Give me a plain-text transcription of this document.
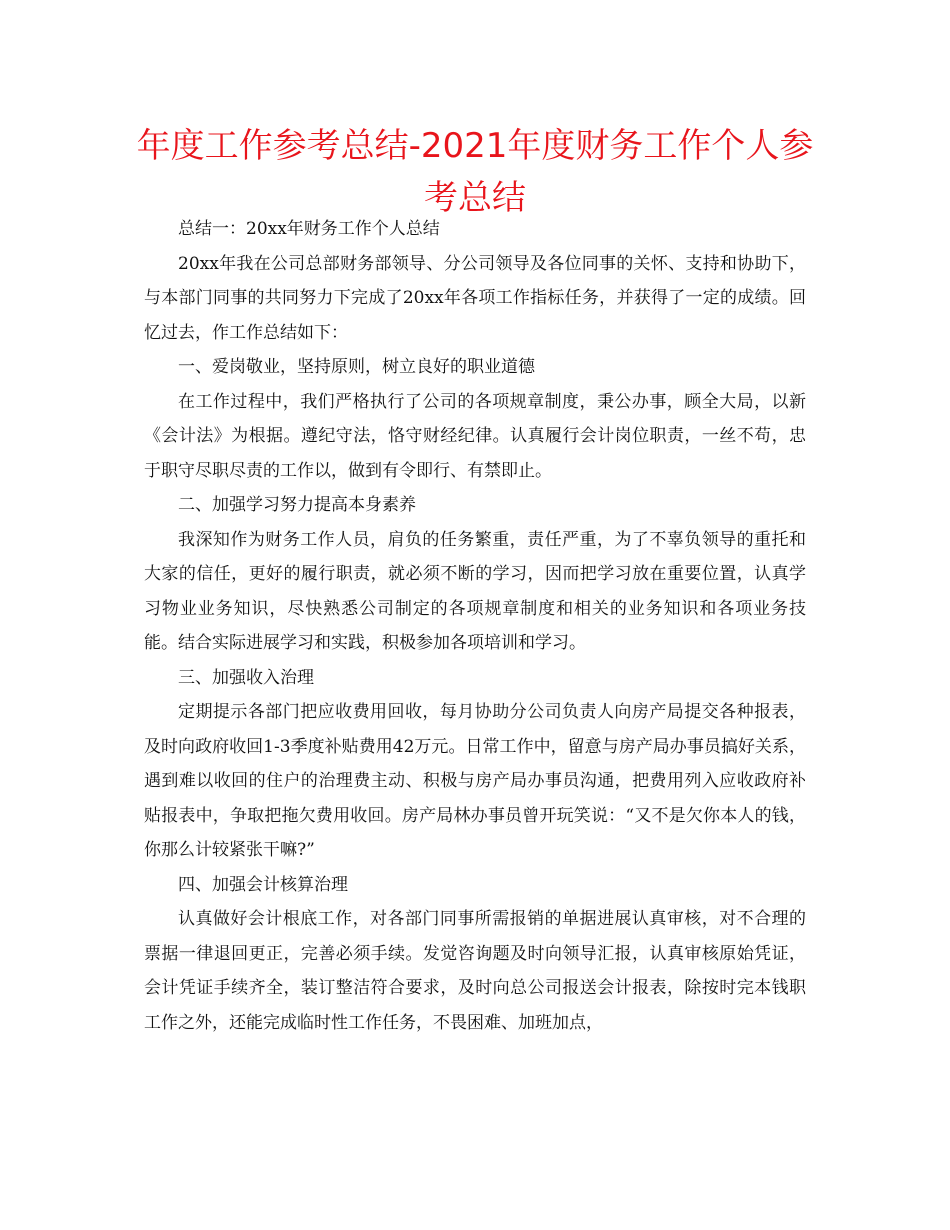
年度工作参考总结-2021年度财务工作个人参考总结

总结一：20xx年财务工作个人总结

20xx年我在公司总部财务部领导、分公司领导及各位同事的关怀、支持和协助下，与本部门同事的共同努力下完成了20xx年各项工作指标任务，并获得了一定的成绩。回忆过去，作工作总结如下：

一、爱岗敬业，坚持原则，树立良好的职业道德

在工作过程中，我们严格执行了公司的各项规章制度，秉公办事，顾全大局，以新《会计法》为根据。遵纪守法，恪守财经纪律。认真履行会计岗位职责，一丝不苟，忠于职守尽职尽责的工作以，做到有令即行、有禁即止。

二、加强学习努力提高本身素养

我深知作为财务工作人员，肩负的任务繁重，责任严重，为了不辜负领导的重托和大家的信任，更好的履行职责，就必须不断的学习，因而把学习放在重要位置，认真学习物业业务知识，尽快熟悉公司制定的各项规章制度和相关的业务知识和各项业务技能。结合实际进展学习和实践，积极参加各项培训和学习。

三、加强收入治理

定期提示各部门把应收费用回收，每月协助分公司负责人向房产局提交各种报表，及时向政府收回1-3季度补贴费用42万元。日常工作中，留意与房产局办事员搞好关系，遇到难以收回的住户的治理费主动、积极与房产局办事员沟通，把费用列入应收政府补贴报表中，争取把拖欠费用收回。房产局林办事员曾开玩笑说：“又不是欠你本人的钱，你那么计较紧张干嘛?”

四、加强会计核算治理

认真做好会计根底工作，对各部门同事所需报销的单据进展认真审核，对不合理的票据一律退回更正，完善必须手续。发觉咨询题及时向领导汇报，认真审核原始凭证，会计凭证手续齐全，装订整洁符合要求，及时向总公司报送会计报表，除按时完本钱职工作之外，还能完成临时性工作任务，不畏困难、加班加点，
